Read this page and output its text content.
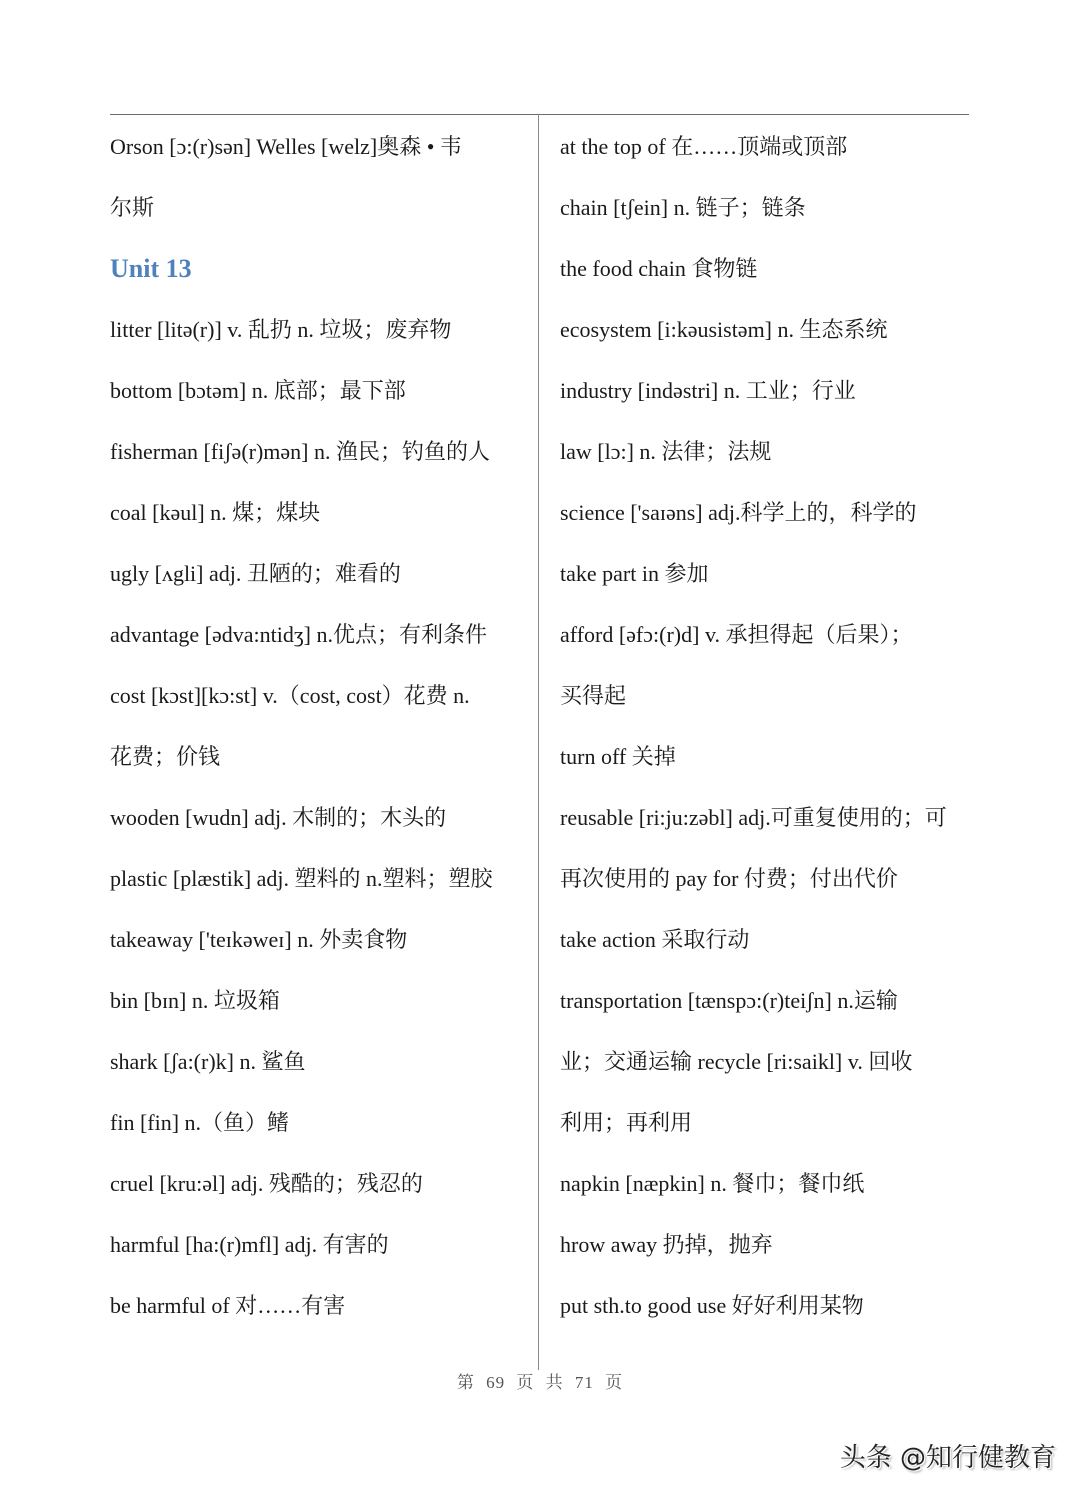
Orson [ɔ:(r)sən] Welles [welz]奥森 • 韦
尔斯
Unit 13
litter [litə(r)] v. 乱扔 n. 垃圾；废弃物
bottom [bɔtəm] n. 底部；最下部
fisherman [fiʃə(r)mən] n. 渔民；钓鱼的人
coal [kəul] n. 煤；煤块
ugly [ʌgli] adj. 丑陋的；难看的
advantage [ədva:ntidʒ] n.优点；有利条件
cost [kɔst][kɔ:st] v.（cost, cost）花费 n.
花费；价钱
wooden [wudn] adj. 木制的；木头的
plastic [plæstik] adj. 塑料的 n.塑料；塑胶
takeaway ['teɪkəweɪ] n. 外卖食物
bin [bɪn] n. 垃圾箱
shark [ʃa:(r)k] n. 鲨鱼
fin [fin] n.（鱼）鳍
cruel [kru:əl] adj. 残酷的；残忍的
harmful [ha:(r)mfl] adj. 有害的
be harmful of 对……有害
at the top of 在……顶端或顶部
chain [tʃein] n. 链子；链条
the food chain 食物链
ecosystem [i:kəusistəm] n. 生态系统
industry [indəstri] n. 工业；行业
law [lɔ:] n. 法律；法规
science ['saɪəns] adj.科学上的，科学的
take part in 参加
afford [əfɔ:(r)d] v. 承担得起（后果）；
买得起
turn off 关掉
reusable [ri:ju:zəbl] adj.可重复使用的；可
再次使用的 pay for 付费；付出代价
take action 采取行动
transportation [tænspɔ:(r)teiʃn] n.运输
业；交通运输 recycle [ri:saikl] v. 回收
利用；再利用
napkin [næpkin] n. 餐巾；餐巾纸
hrow away 扔掉，抛弃
put sth.to good use 好好利用某物
第 69 页 共 71 页
头条 @知行健教育
